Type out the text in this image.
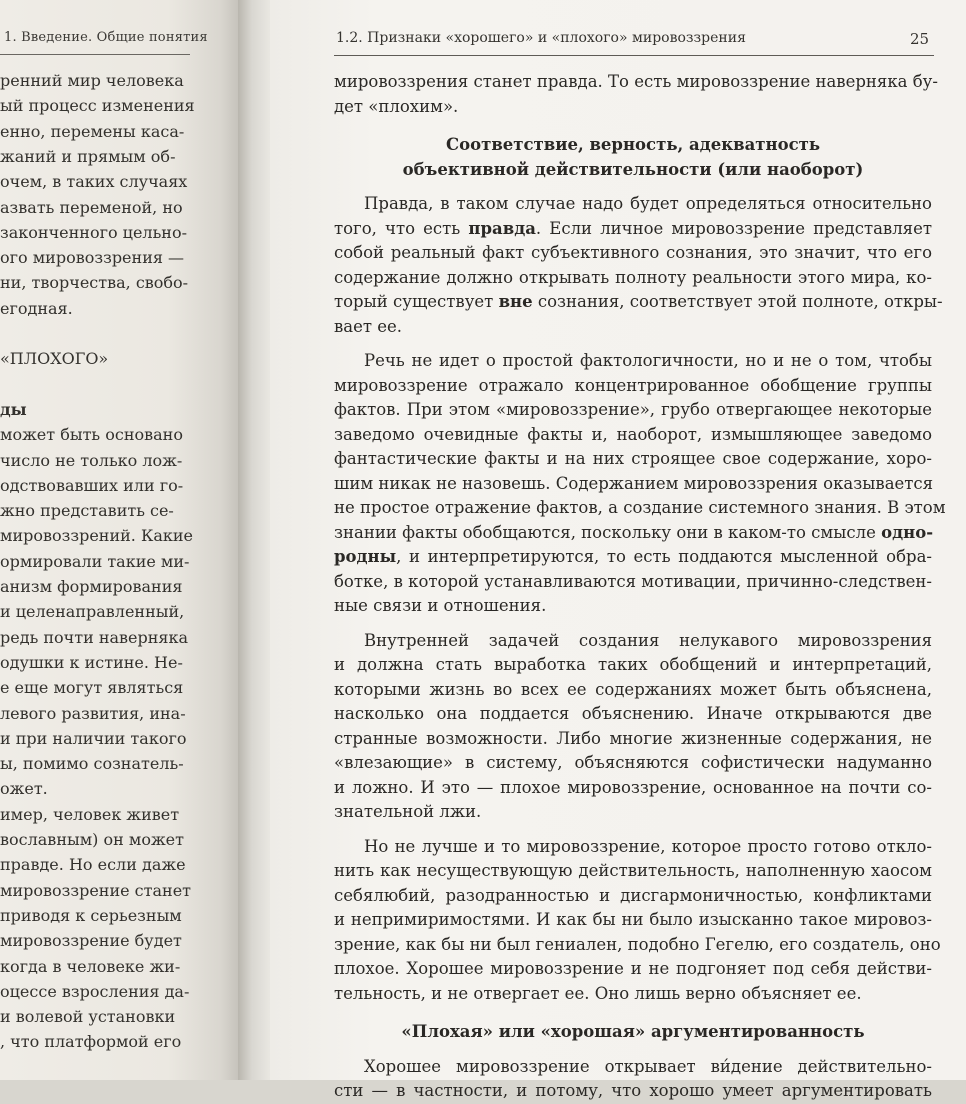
1. Введение. Общие понятия
ренний мир человека
ый процесс изменения
енно, перемены каса-
жаний и прямым об-
очем, в таких случаях
азвать переменой, но
законченного цельно-
ого мировоззрения —
ни, творчества, свобо-
егодная.
«ПЛОХОГО»
ды
может быть основано
число не только лож-
одствовавших или го-
жно представить се-
мировоззрений. Какие
ормировали такие ми-
анизм формирования
и целенаправленный,
редь почти наверняка
одушки к истине. Не-
е еще могут являться
левого развития, ина-
и при наличии такого
ы, помимо сознатель-
ожет.
имер, человек живет
вославным) он может
правде. Но если даже
мировоззрение станет
приводя к серьезным
мировоззрение будет
когда в человеке жи-
оцессе взросления да-
и волевой установки
, что платформой его
1.2. Признаки «хорошего» и «плохого» мировоззрения	25
мировоззрения станет правда. То есть мировоззрение наверняка бу-
дет «плохим».
Соответствие, верность, адекватность
объективной действительности (или наоборот)
Правда, в таком случае надо будет определяться относительно
того, что есть правда. Если личное мировоззрение представляет
собой реальный факт субъективного сознания, это значит, что его
содержание должно открывать полноту реальности этого мира, ко-
торый существует вне сознания, соответствует этой полноте, откры-
вает ее.
Речь не идет о простой фактологичности, но и не о том, чтобы
мировоззрение отражало концентрированное обобщение группы
фактов. При этом «мировоззрение», грубо отвергающее некоторые
заведомо очевидные факты и, наоборот, измышляющее заведомо
фантастические факты и на них строящее свое содержание, хоро-
шим никак не назовешь. Содержанием мировоззрения оказывается
не простое отражение фактов, а создание системного знания. В этом
знании факты обобщаются, поскольку они в каком-то смысле одно-
родны, и интерпретируются, то есть поддаются мысленной обра-
ботке, в которой устанавливаются мотивации, причинно-следствен-
ные связи и отношения.
Внутренней задачей создания нелукавого мировоззрения
и должна стать выработка таких обобщений и интерпретаций,
которыми жизнь во всех ее содержаниях может быть объяснена,
насколько она поддается объяснению. Иначе открываются две
странные возможности. Либо многие жизненные содержания, не
«влезающие» в систему, объясняются софистически надуманно
и ложно. И это — плохое мировоззрение, основанное на почти со-
знательной лжи.
Но не лучше и то мировоззрение, которое просто готово откло-
нить как несуществующую действительность, наполненную хаосом
себялюбий, разодранностью и дисгармоничностью, конфликтами
и непримиримостями. И как бы ни было изысканно такое мировоз-
зрение, как бы ни был гениален, подобно Гегелю, его создатель, оно
плохое. Хорошее мировоззрение и не подгоняет под себя действи-
тельность, и не отвергает ее. Оно лишь верно объясняет ее.
«Плохая» или «хорошая» аргументированность
Хорошее мировоззрение открывает ви́дение действительно-
сти — в частности, и потому, что хорошо умеет аргументировать
